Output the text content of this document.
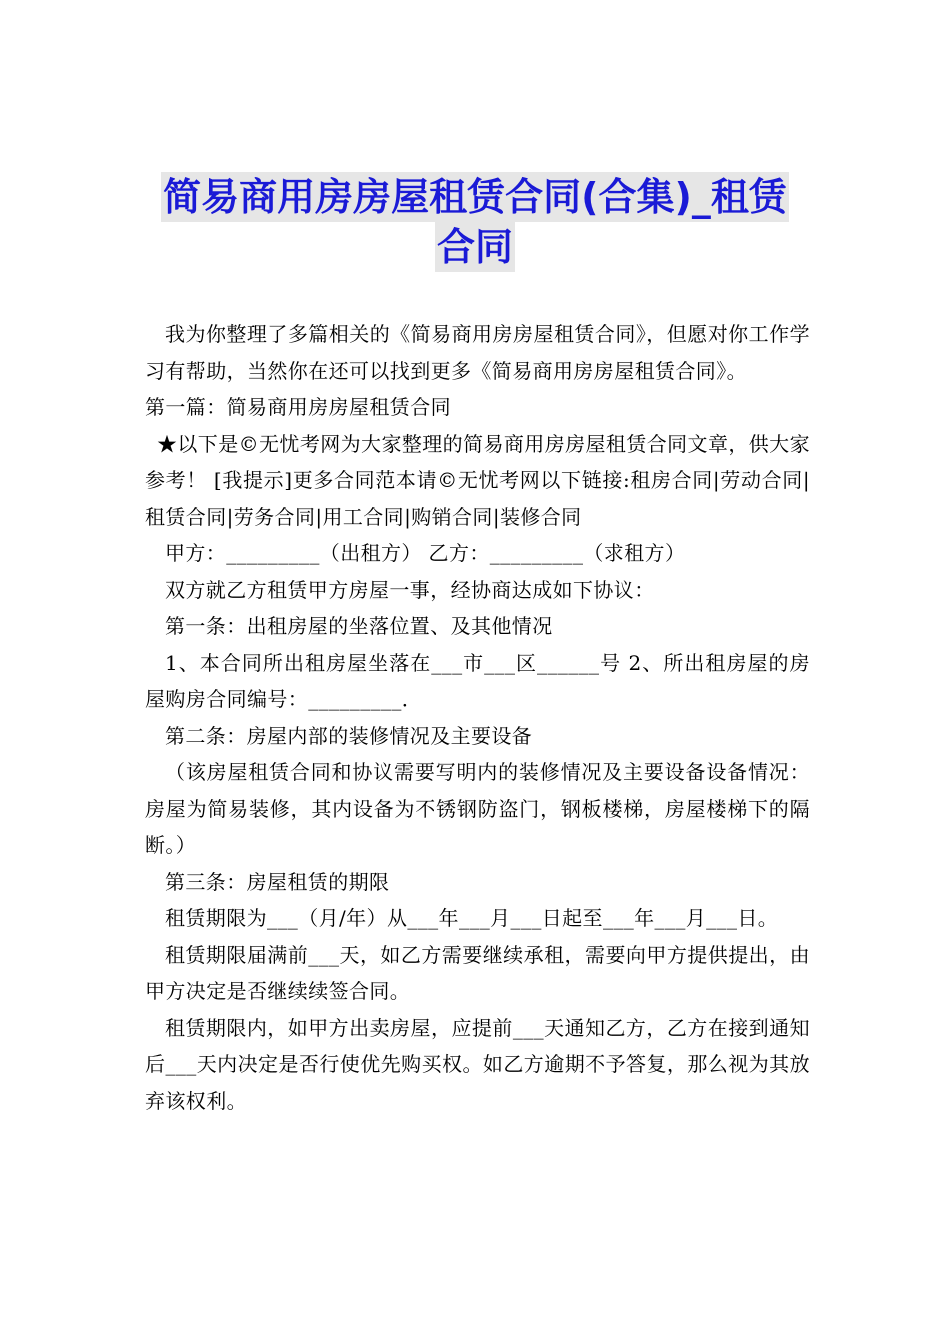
简易商用房房屋租赁合同(合集)_租赁
合同

我为你整理了多篇相关的《简易商用房房屋租赁合同》，但愿对你工作学习有帮助，当然你在还可以找到更多《简易商用房房屋租赁合同》。

第一篇：简易商用房房屋租赁合同

★以下是©无忧考网为大家整理的简易商用房房屋租赁合同文章，供大家参考！ [我提示]更多合同范本请©无忧考网以下链接:租房合同|劳动合同|租赁合同|劳务合同|用工合同|购销合同|装修合同

甲方：_________（出租方） 乙方：_________（求租方）

双方就乙方租赁甲方房屋一事，经协商达成如下协议：

第一条：出租房屋的坐落位置、及其他情况

1、本合同所出租房屋坐落在___市___区______号 2、所出租房屋的房屋购房合同编号：_________．

第二条：房屋内部的装修情况及主要设备

（该房屋租赁合同和协议需要写明内的装修情况及主要设备设备情况：房屋为简易装修，其内设备为不锈钢防盗门，钢板楼梯，房屋楼梯下的隔断。）

第三条：房屋租赁的期限

租赁期限为___（月/年）从___年___月___日起至___年___月___日。

租赁期限届满前___天，如乙方需要继续承租，需要向甲方提供提出，由甲方决定是否继续续签合同。

租赁期限内，如甲方出卖房屋，应提前___天通知乙方，乙方在接到通知后___天内决定是否行使优先购买权。如乙方逾期不予答复，那么视为其放弃该权利。
